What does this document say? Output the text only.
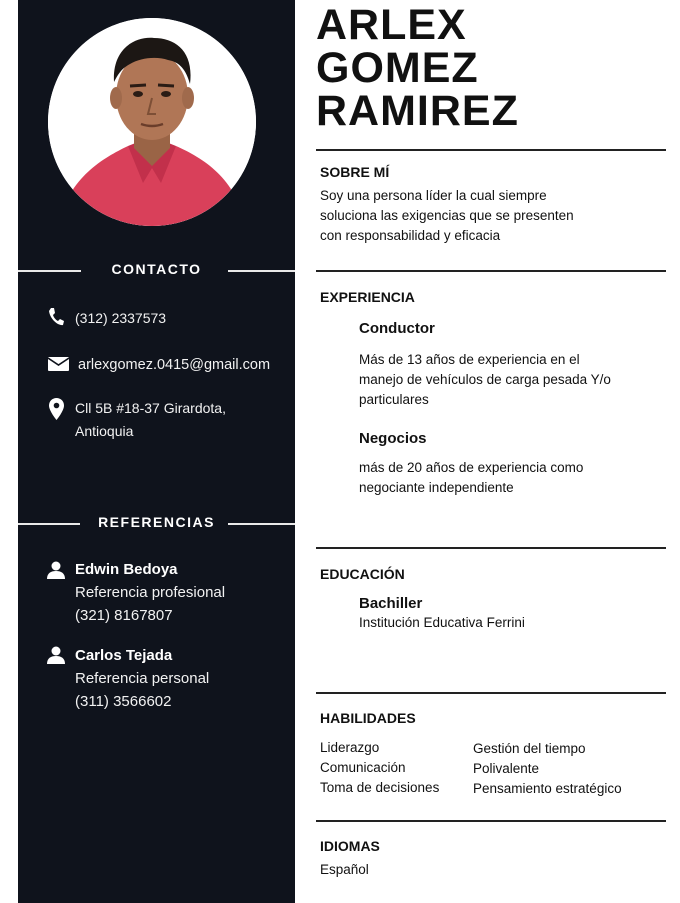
CONTACTO
(312) 2337573
arlexgomez.0415@gmail.com
Cll 5B #18-37 Girardota,
Antioquia
REFERENCIAS
Edwin Bedoya
Referencia profesional
(321) 8167807
Carlos Tejada
Referencia personal
(311) 3566602
ARLEX
GOMEZ
RAMIREZ
SOBRE MÍ
Soy una persona líder la cual siempre
soluciona las exigencias que se presenten
con responsabilidad y eficacia
EXPERIENCIA
Conductor
Más de 13 años de experiencia en el
manejo de vehículos de carga pesada Y/o
particulares
Negocios
más de 20 años de experiencia como
negociante independiente
EDUCACIÓN
Bachiller
Institución Educativa Ferrini
HABILIDADES
Liderazgo
Comunicación
Toma de decisiones
Gestión del tiempo
Polivalente
Pensamiento estratégico
IDIOMAS
Español
